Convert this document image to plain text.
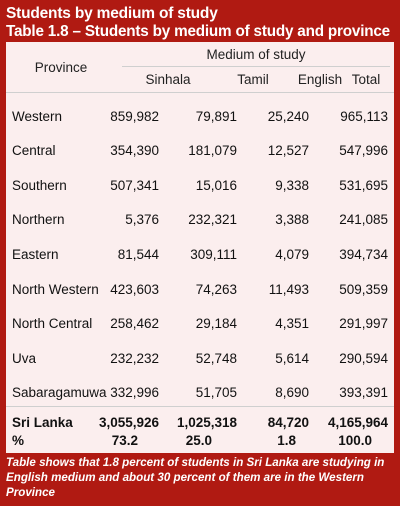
Students by medium of study
Table 1.8 – Students by medium of study and province
Province
Medium of study
Sinhala	Tamil	English Total
Western	859,982	79,891 25,240 965,113
Central	354,390 181,079 12,527 547,996
Southern	507,341	15,016	9,338 531,695
Northern	5,376 232,321	3,388 241,085
Eastern	81,544 309,111	4,079 394,734
North Western 423,603	74,263 11,493 509,359
North Central 258,462	29,184	4,351 291,997
Uva	232,232	52,748	5,614 290,594
Sabaragamuwa 332,996	51,705	8,690 393,391
Sri Lanka 3,055,926 1,025,318 84,720 4,165,964
%	73.2	25.0	1.8	100.0
Table shows that 1.8 percent of students in Sri Lanka are studying in English medium and about 30 percent of them are in the Western Province
